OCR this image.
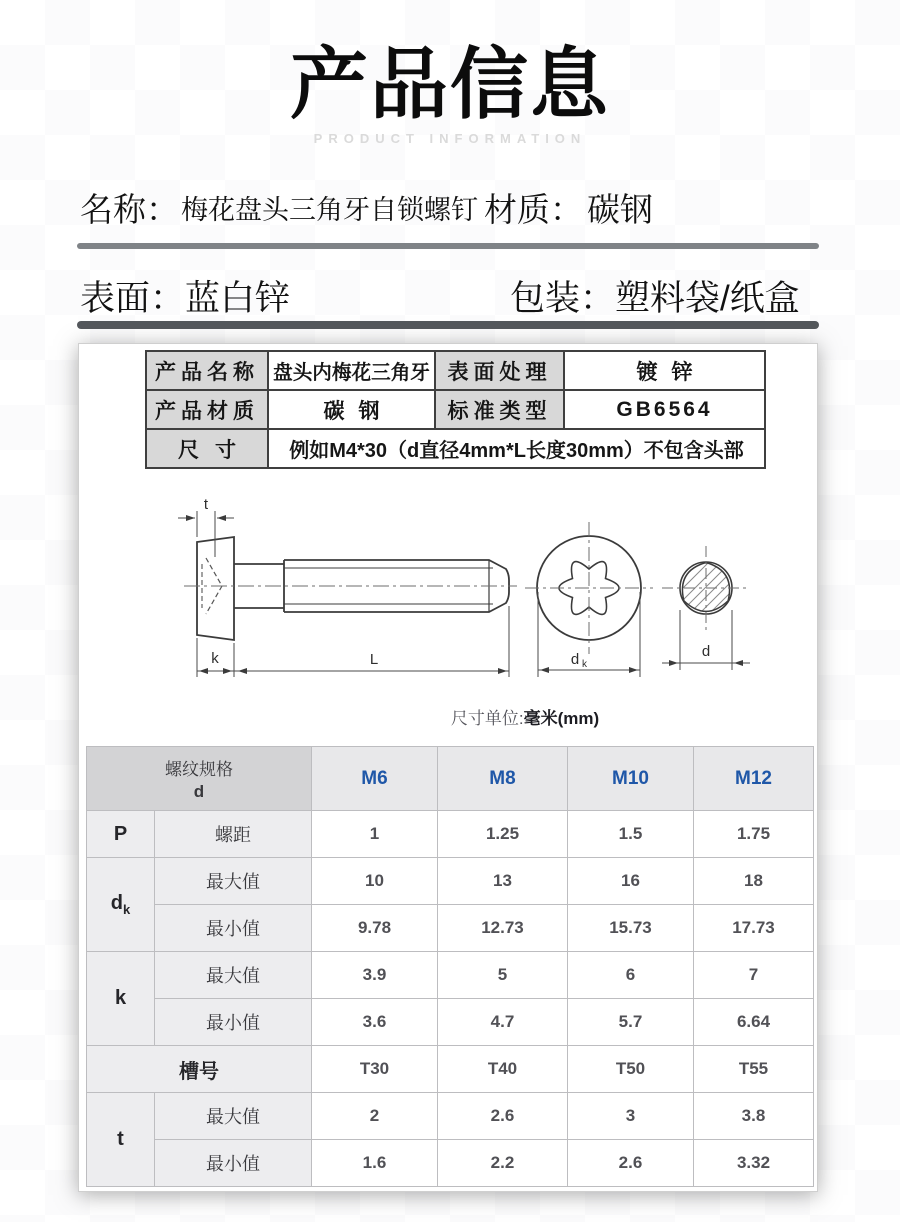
产品信息
PRODUCT INFORMATION
名称： 梅花盘头三角牙自锁螺钉 材质： 碳钢
表面：蓝白锌	包装：塑料袋/纸盒
产品名称	盘头内梅花三角牙	表面处理	镀锌
产品材质	碳钢	标准类型	GB6564
尺寸	例如M4*30（d直径4mm*L长度30mm）不包含头部		
t
k	L	d k
d
尺寸单位:毫米(mm)
螺纹规格
d		M6	M8	M10	M12
P	螺距	1	1.25	1.5	1.75
$d_k$	最大值	10	13	16	18
	最小值	9.78	12.73	15.73	17.73
k	最大值	3.9	5	6	7
	最小值	3.6	4.7	5.7	6.64
槽号		T30	T40	T50	T55
t	最大值	2	2.6	3	3.8
	最小值	1.6	2.2	2.6	3.32
